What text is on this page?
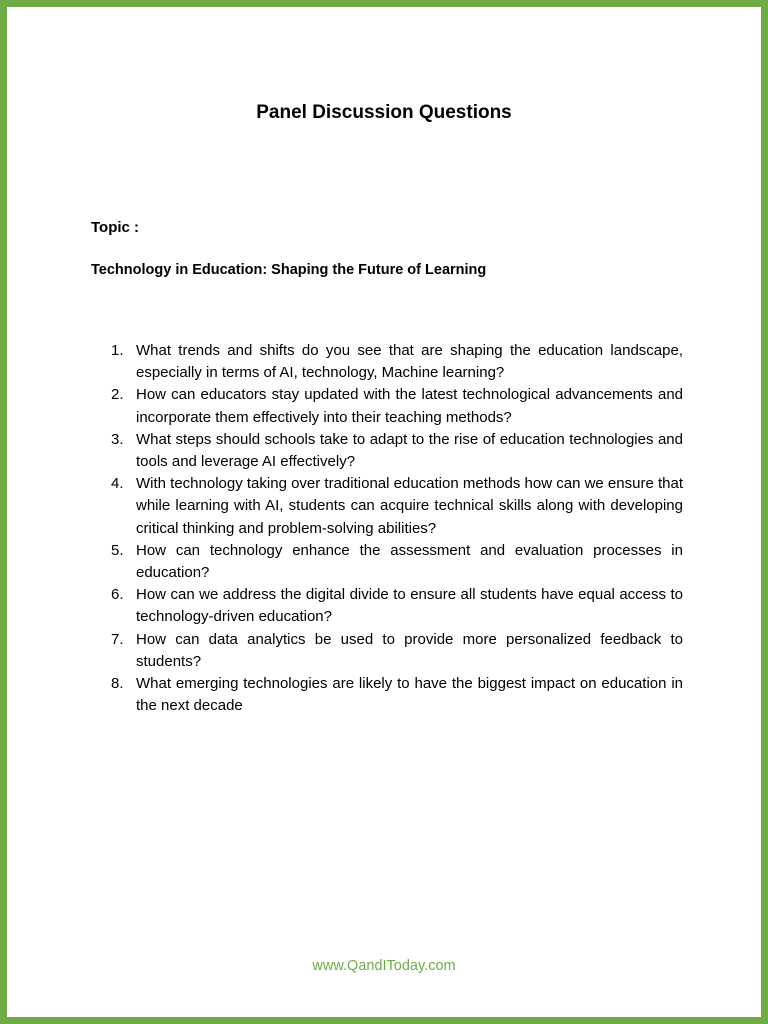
Panel Discussion Questions
Topic :
Technology in Education: Shaping the Future of Learning
1. What trends and shifts do you see that are shaping the education landscape, especially in terms of AI, technology, Machine learning?
2. How can educators stay updated with the latest technological advancements and incorporate them effectively into their teaching methods?
3. What steps should schools take to adapt to the rise of education technologies and tools and leverage AI effectively?
4. With technology taking over traditional education methods how can we ensure that while learning with AI, students can acquire technical skills along with developing critical thinking and problem-solving abilities?
5. How can technology enhance the assessment and evaluation processes in education?
6. How can we address the digital divide to ensure all students have equal access to technology-driven education?
7. How can data analytics be used to provide more personalized feedback to students?
8. What emerging technologies are likely to have the biggest impact on education in the next decade
www.QandIToday.com
